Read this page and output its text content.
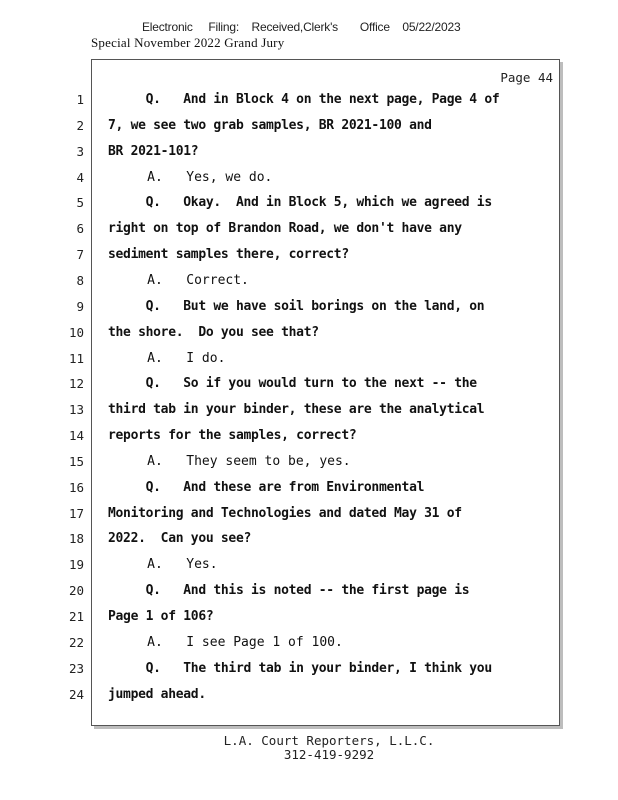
Electronic     Filing:    Received,Clerk's       Office    05/22/2023
Special November 2022 Grand Jury
Page 44
1 Q.   And in Block 4 on the next page, Page 4 of
2 7, we see two grab samples, BR 2021-100 and
3 BR 2021-101?
4 A.   Yes, we do.
5 Q.   Okay.  And in Block 5, which we agreed is
6 right on top of Brandon Road, we don't have any
7 sediment samples there, correct?
8 A.   Correct.
9 Q.   But we have soil borings on the land, on
10 the shore.  Do you see that?
11 A.   I do.
12 Q.   So if you would turn to the next -- the
13 third tab in your binder, these are the analytical
14 reports for the samples, correct?
15 A.   They seem to be, yes.
16 Q.   And these are from Environmental
17 Monitoring and Technologies and dated May 31 of
18 2022.  Can you see?
19 A.   Yes.
20 Q.   And this is noted -- the first page is
21 Page 1 of 106?
22 A.   I see Page 1 of 100.
23 Q.   The third tab in your binder, I think you
24 jumped ahead.
L.A. Court Reporters, L.L.C.
312-419-9292
